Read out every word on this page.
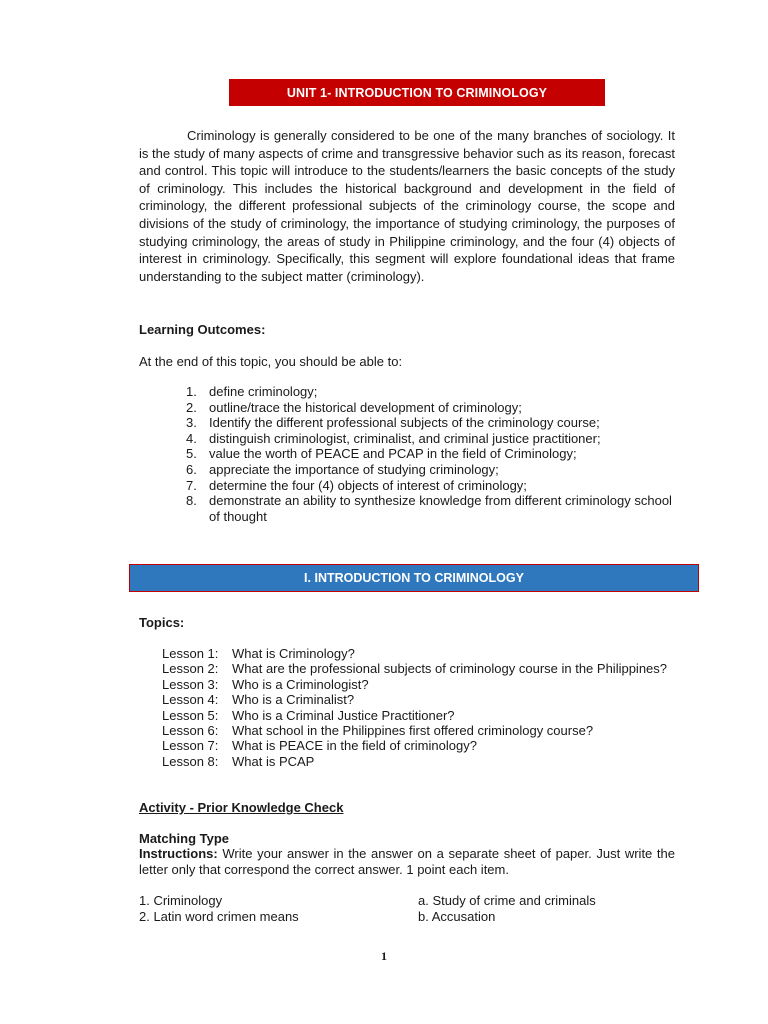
UNIT 1- INTRODUCTION TO CRIMINOLOGY

Criminology is generally considered to be one of the many branches of sociology. It is the study of many aspects of crime and transgressive behavior such as its reason, forecast and control. This topic will introduce to the students/learners the basic concepts of the study of criminology. This includes the historical background and development in the field of criminology, the different professional subjects of the criminology course, the scope and divisions of the study of criminology, the importance of studying criminology, the purposes of studying criminology, the areas of study in Philippine criminology, and the four (4) objects of interest in criminology. Specifically, this segment will explore foundational ideas that frame understanding to the subject matter (criminology).

Learning Outcomes:

At the end of this topic, you should be able to:

1. define criminology;
2. outline/trace the historical development of criminology;
3. Identify the different professional subjects of the criminology course;
4. distinguish criminologist, criminalist, and criminal justice practitioner;
5. value the worth of PEACE and PCAP in the field of Criminology;
6. appreciate the importance of studying criminology;
7. determine the four (4) objects of interest of criminology;
8. demonstrate an ability to synthesize knowledge from different criminology school of thought
I. INTRODUCTION TO CRIMINOLOGY

Topics:

Lesson 1:	What is Criminology?
Lesson 2:	What are the professional subjects of criminology course in the Philippines?
Lesson 3:	Who is a Criminologist?
Lesson 4:	Who is a Criminalist?
Lesson 5:	Who is a Criminal Justice Practitioner?
Lesson 6:	What school in the Philippines first offered criminology course?
Lesson 7:	What is PEACE in the field of criminology?
Lesson 8:	What is PCAP

Activity - Prior Knowledge Check

Matching Type

Instructions: Write your answer in the answer on a separate sheet of paper. Just write the letter only that correspond the correct answer. 1 point each item.

1. Criminology	a. Study of crime and criminals
2. Latin word crimen means	b. Accusation
1
